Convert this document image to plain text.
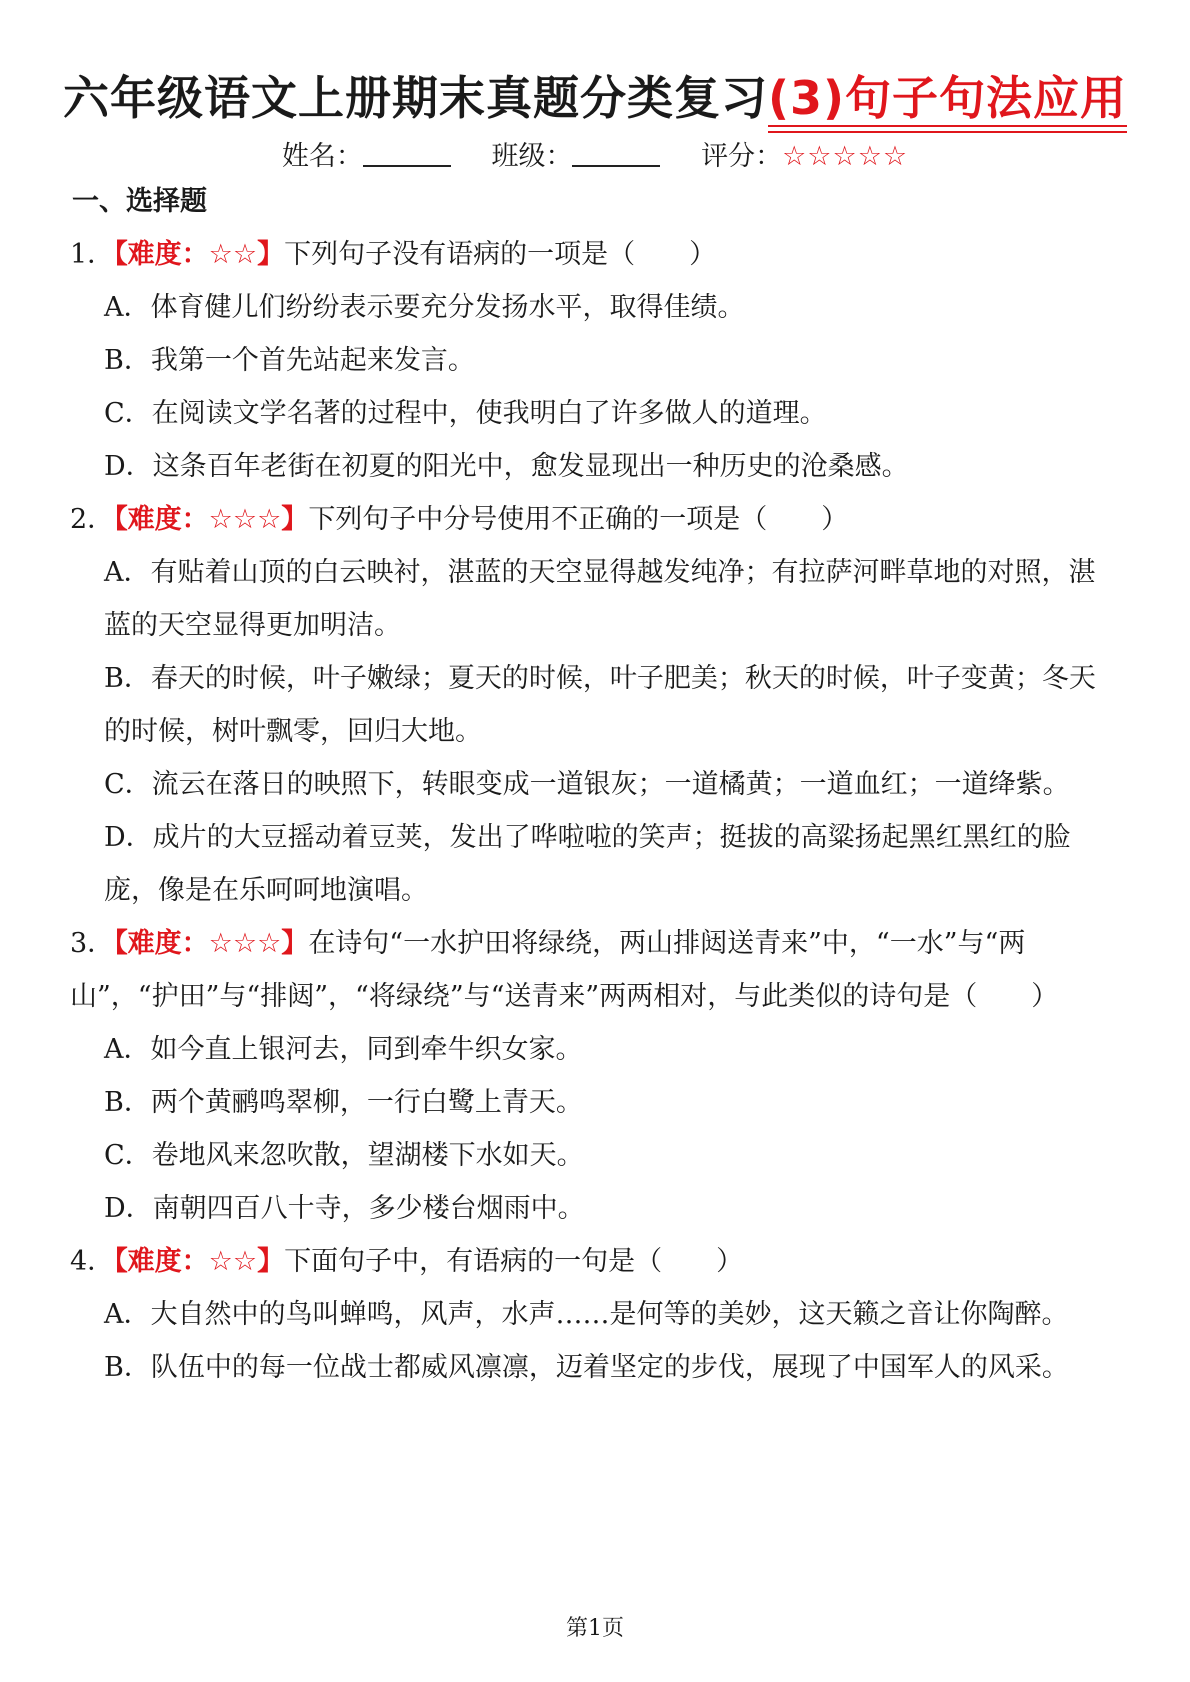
六年级语文上册期末真题分类复习(3)句子句法应用
姓名：	班级：	评分：☆☆☆☆☆
一、选择题

1．【难度：☆☆】下列句子没有语病的一项是（　　）

A．体育健儿们纷纷表示要充分发扬水平，取得佳绩。

B．我第一个首先站起来发言。

C．在阅读文学名著的过程中，使我明白了许多做人的道理。

D．这条百年老街在初夏的阳光中，愈发显现出一种历史的沧桑感。

2．【难度：☆☆☆】下列句子中分号使用不正确的一项是（　　）

A．有贴着山顶的白云映衬，湛蓝的天空显得越发纯净；有拉萨河畔草地的对照，湛蓝的天空显得更加明洁。

B．春天的时候，叶子嫩绿；夏天的时候，叶子肥美；秋天的时候，叶子变黄；冬天的时候，树叶飘零，回归大地。

C．流云在落日的映照下，转眼变成一道银灰；一道橘黄；一道血红；一道绛紫。

D．成片的大豆摇动着豆荚，发出了哗啦啦的笑声；挺拔的高粱扬起黑红黑红的脸庞，像是在乐呵呵地演唱。

3．【难度：☆☆☆】在诗句“一水护田将绿绕，两山排闼送青来”中，“一水”与“两山”，“护田”与“排闼”，“将绿绕”与“送青来”两两相对，与此类似的诗句是（　　）

A．如今直上银河去，同到牵牛织女家。

B．两个黄鹂鸣翠柳，一行白鹭上青天。

C．卷地风来忽吹散，望湖楼下水如天。

D．南朝四百八十寺，多少楼台烟雨中。

4．【难度：☆☆】下面句子中，有语病的一句是（　　）

A．大自然中的鸟叫蝉鸣，风声，水声……是何等的美妙，这天籁之音让你陶醉。

B．队伍中的每一位战士都威风凛凛，迈着坚定的步伐，展现了中国军人的风采。

第1页
